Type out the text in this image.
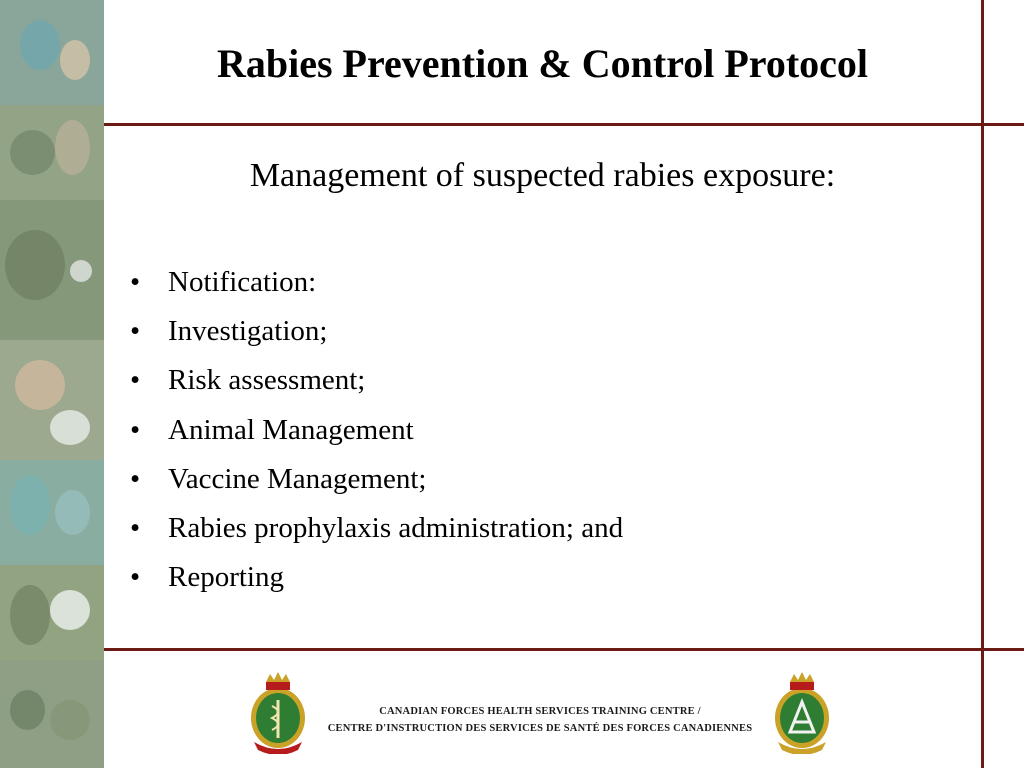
Rabies Prevention & Control Protocol
Management of suspected rabies exposure:
• Notification:
• Investigation;
• Risk assessment;
• Animal Management
• Vaccine Management;
• Rabies prophylaxis administration; and
• Reporting
CANADIAN FORCES HEALTH SERVICES TRAINING CENTRE /
CENTRE D'INSTRUCTION DES SERVICES DE SANTÉ DES FORCES CANADIENNES
